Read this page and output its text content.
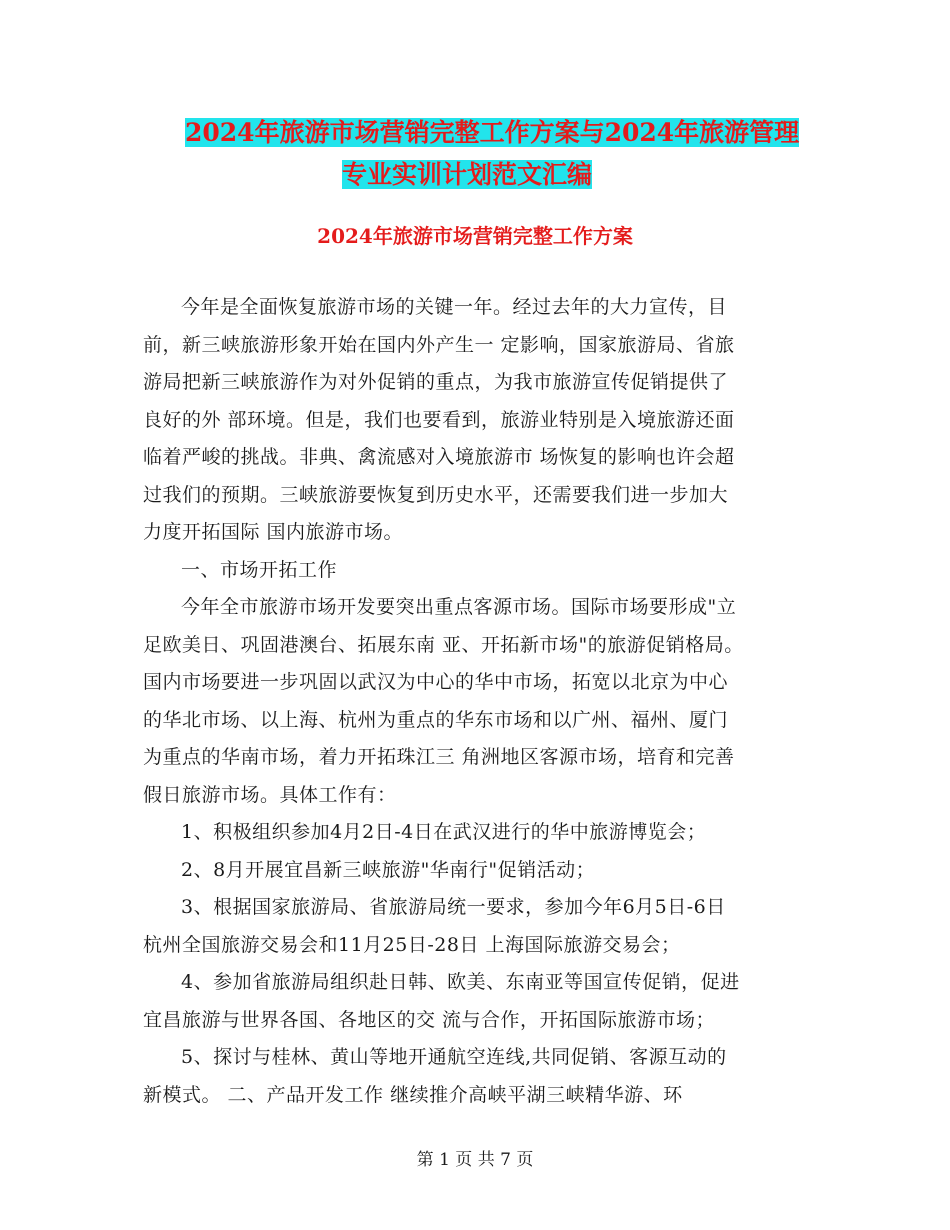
2024年旅游市场营销完整工作方案与2024年旅游管理
专业实训计划范文汇编
2024年旅游市场营销完整工作方案

今年是全面恢复旅游市场的关键一年。经过去年的大力宣传，目

前，新三峡旅游形象开始在国内外产生一 定影响，国家旅游局、省旅

游局把新三峡旅游作为对外促销的重点，为我市旅游宣传促销提供了

良好的外 部环境。但是，我们也要看到，旅游业特别是入境旅游还面

临着严峻的挑战。非典、禽流感对入境旅游市 场恢复的影响也许会超

过我们的预期。三峡旅游要恢复到历史水平，还需要我们进一步加大

力度开拓国际 国内旅游市场。

一、市场开拓工作

今年全市旅游市场开发要突出重点客源市场。国际市场要形成"立

足欧美日、巩固港澳台、拓展东南 亚、开拓新市场"的旅游促销格局。

国内市场要进一步巩固以武汉为中心的华中市场，拓宽以北京为中心

的华北市场、以上海、杭州为重点的华东市场和以广州、福州、厦门

为重点的华南市场，着力开拓珠江三 角洲地区客源市场，培育和完善

假日旅游市场。具体工作有：

1、积极组织参加4月2日-4日在武汉进行的华中旅游博览会；

2、8月开展宜昌新三峡旅游"华南行"促销活动；

3、根据国家旅游局、省旅游局统一要求，参加今年6月5日-6日

杭州全国旅游交易会和11月25日-28日 上海国际旅游交易会；

4、参加省旅游局组织赴日韩、欧美、东南亚等国宣传促销，促进

宜昌旅游与世界各国、各地区的交 流与合作，开拓国际旅游市场；

5、探讨与桂林、黄山等地开通航空连线,共同促销、客源互动的

新模式。 二、产品开发工作 继续推介高峡平湖三峡精华游、环

第 1 页 共 7 页
